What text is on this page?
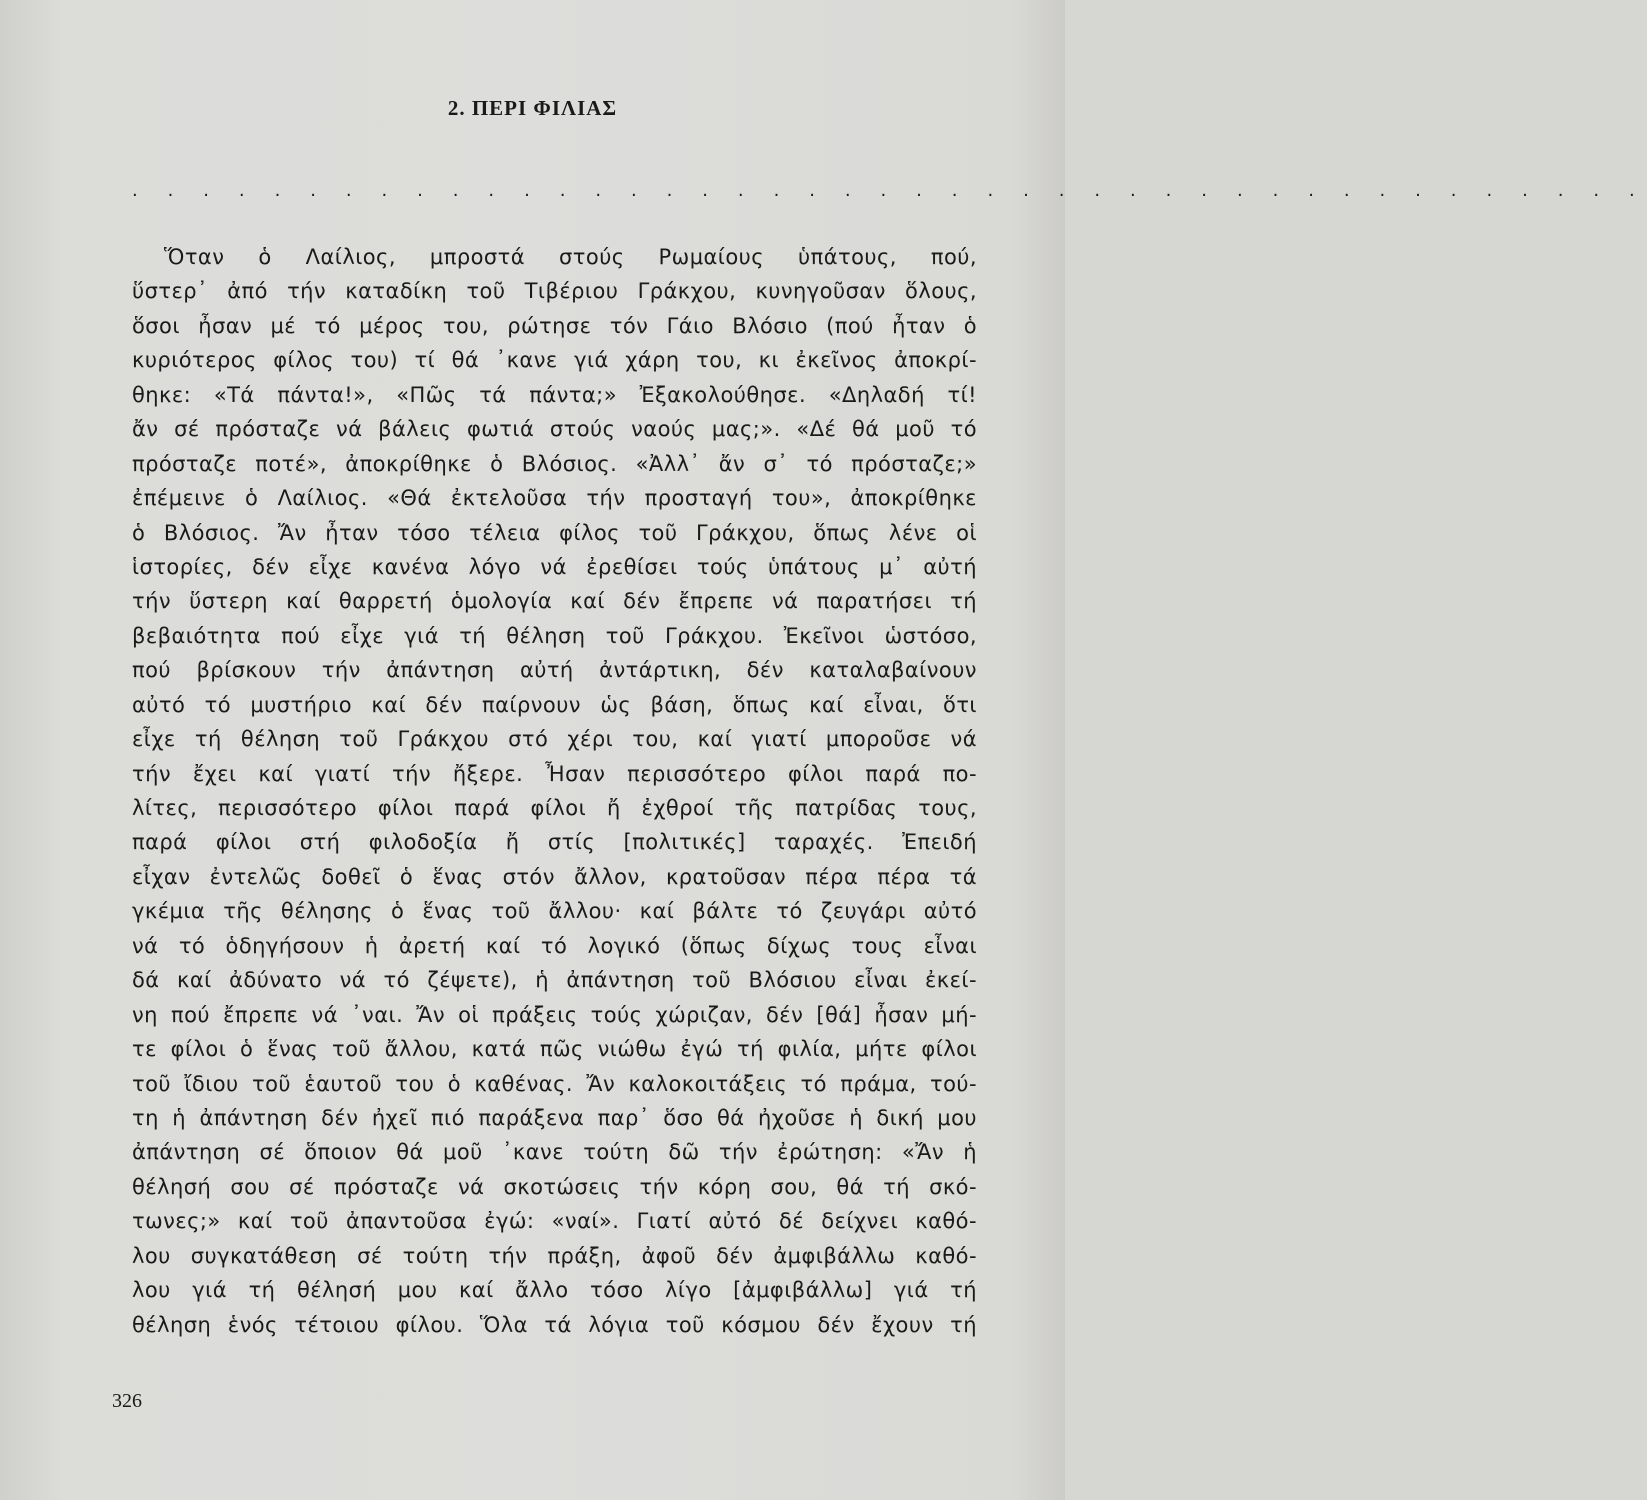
2. ΠΕΡΙ ΦΙΛΙΑΣ
· · · · · · · · · · · · · · · · · · · · · · · · · · · · · · · · · · · · · · · · · · ·
Ὅταν ὁ Λαίλιος, μπροστά στούς Ρωμαίους ὑπάτους, πού,
ὕστερ᾽ ἀπό τήν καταδίκη τοῦ Τιβέριου Γράκχου, κυνηγοῦσαν ὅλους,
ὅσοι ἦσαν μέ τό μέρος του, ρώτησε τόν Γάιο Βλόσιο (πού ἦταν ὁ
κυριότερος φίλος του) τί θά ᾽κανε γιά χάρη του, κι ἐκεῖνος ἀποκρί-
θηκε: «Τά πάντα!», «Πῶς τά πάντα;» Ἐξακολούθησε. «Δηλαδή τί!
ἄν σέ πρόσταζε νά βάλεις φωτιά στούς ναούς μας;». «Δέ θά μοῦ τό
πρόσταζε ποτέ», ἀποκρίθηκε ὁ Βλόσιος. «Ἀλλ᾽ ἄν σ᾽ τό πρόσταζε;»
ἐπέμεινε ὁ Λαίλιος. «Θά ἐκτελοῦσα τήν προσταγή του», ἀποκρίθηκε
ὁ Βλόσιος. Ἄν ἦταν τόσο τέλεια φίλος τοῦ Γράκχου, ὅπως λένε οἱ
ἱστορίες, δέν εἶχε κανένα λόγο νά ἐρεθίσει τούς ὑπάτους μ᾽ αὐτή
τήν ὕστερη καί θαρρετή ὁμολογία καί δέν ἔπρεπε νά παρατήσει τή
βεβαιότητα πού εἶχε γιά τή θέληση τοῦ Γράκχου. Ἐκεῖνοι ὡστόσο,
πού βρίσκουν τήν ἀπάντηση αὐτή ἀντάρτικη, δέν καταλαβαίνουν
αὐτό τό μυστήριο καί δέν παίρνουν ὡς βάση, ὅπως καί εἶναι, ὅτι
εἶχε τή θέληση τοῦ Γράκχου στό χέρι του, καί γιατί μποροῦσε νά
τήν ἔχει καί γιατί τήν ἤξερε. Ἦσαν περισσότερο φίλοι παρά πο-
λίτες, περισσότερο φίλοι παρά φίλοι ἤ ἐχθροί τῆς πατρίδας τους,
παρά φίλοι στή φιλοδοξία ἤ στίς [πολιτικές] ταραχές. Ἐπειδή
εἶχαν ἐντελῶς δοθεῖ ὁ ἕνας στόν ἄλλον, κρατοῦσαν πέρα πέρα τά
γκέμια τῆς θέλησης ὁ ἕνας τοῦ ἄλλου· καί βάλτε τό ζευγάρι αὐτό
νά τό ὁδηγήσουν ἡ ἀρετή καί τό λογικό (ὅπως δίχως τους εἶναι
δά καί ἀδύνατο νά τό ζέψετε), ἡ ἀπάντηση τοῦ Βλόσιου εἶναι ἐκεί-
νη πού ἔπρεπε νά ᾽ναι. Ἄν οἱ πράξεις τούς χώριζαν, δέν [θά] ἦσαν μή-
τε φίλοι ὁ ἕνας τοῦ ἄλλου, κατά πῶς νιώθω ἐγώ τή φιλία, μήτε φίλοι
τοῦ ἴδιου τοῦ ἑαυτοῦ του ὁ καθένας. Ἄν καλοκοιτάξεις τό πράμα, τού-
τη ἡ ἀπάντηση δέν ἠχεῖ πιό παράξενα παρ᾽ ὅσο θά ἠχοῦσε ἡ δική μου
ἀπάντηση σέ ὅποιον θά μοῦ ᾽κανε τούτη δῶ τήν ἐρώτηση: «Ἄν ἡ
θέλησή σου σέ πρόσταζε νά σκοτώσεις τήν κόρη σου, θά τή σκό-
τωνες;» καί τοῦ ἀπαντοῦσα ἐγώ: «ναί». Γιατί αὐτό δέ δείχνει καθό-
λου συγκατάθεση σέ τούτη τήν πράξη, ἀφοῦ δέν ἀμφιβάλλω καθό-
λου γιά τή θέλησή μου καί ἄλλο τόσο λίγο [ἀμφιβάλλω] γιά τή
θέληση ἑνός τέτοιου φίλου. Ὅλα τά λόγια τοῦ κόσμου δέν ἔχουν τή
326
